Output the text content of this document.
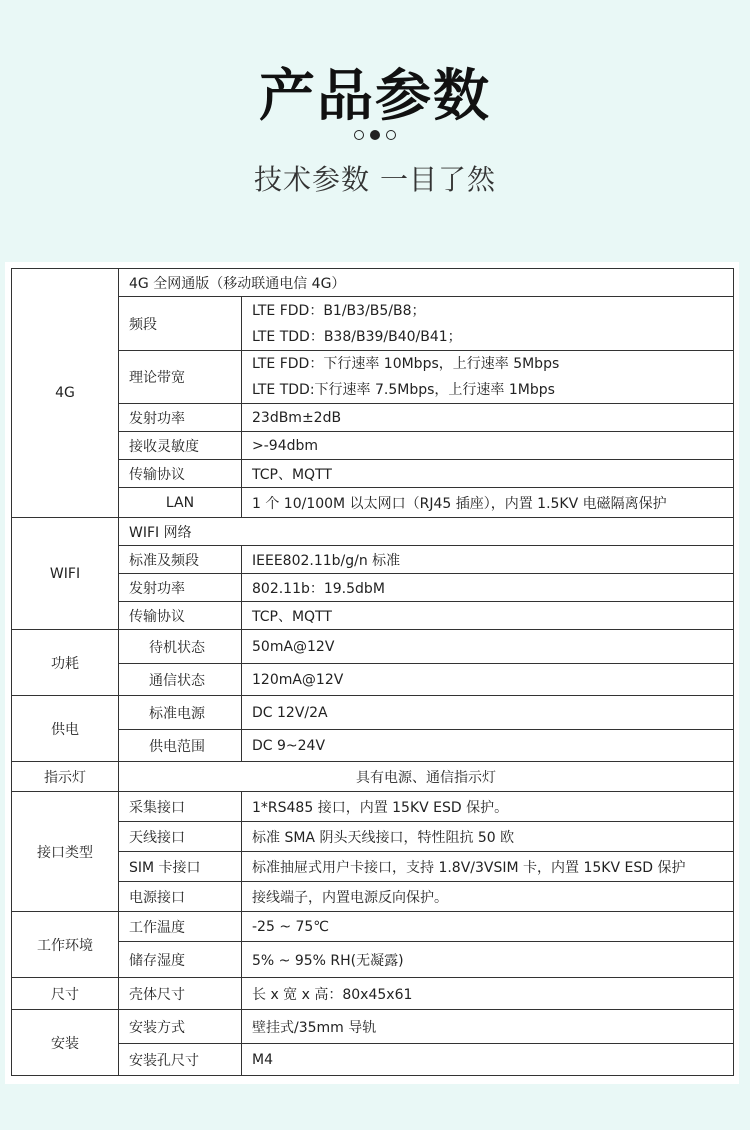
产品参数
技术参数 一目了然
4G	4G 全网通版（移动联通电信 4G）	
	频段	LTE FDD：B1/B3/B5/B8；
LTE TDD：B38/B39/B40/B41；

	理论带宽	LTE FDD：下行速率 10Mbps，上行速率 5Mbps
LTE TDD:下行速率 7.5Mbps，上行速率 1Mbps

	发射功率	23dBm±2dB
	接收灵敏度	>-94dbm
	传输协议	TCP、MQTT
	LAN	1 个 10/100M 以太网口（RJ45 插座），内置 1.5KV 电磁隔离保护
WIFI	WIFI 网络	
	标准及频段	IEEE802.11b/g/n 标准
	发射功率	802.11b：19.5dbM
	传输协议	TCP、MQTT
功耗	待机状态	50mA@12V
	通信状态	120mA@12V
供电	标准电源	DC 12V/2A
	供电范围	DC 9~24V
指示灯	具有电源、通信指示灯	
接口类型	采集接口	1*RS485 接口，内置 15KV ESD 保护。
	天线接口	标准 SMA 阴头天线接口，特性阻抗 50 欧
	SIM 卡接口	标准抽屉式用户卡接口，支持 1.8V/3VSIM 卡，内置 15KV ESD 保护
	电源接口	接线端子，内置电源反向保护。
工作环境	工作温度	-25 ~ 75℃
	储存湿度	5% ~ 95% RH(无凝露)
尺寸	壳体尺寸	长 x 宽 x 高：80x45x61
安装	安装方式	壁挂式/35mm 导轨
	安装孔尺寸	M4
